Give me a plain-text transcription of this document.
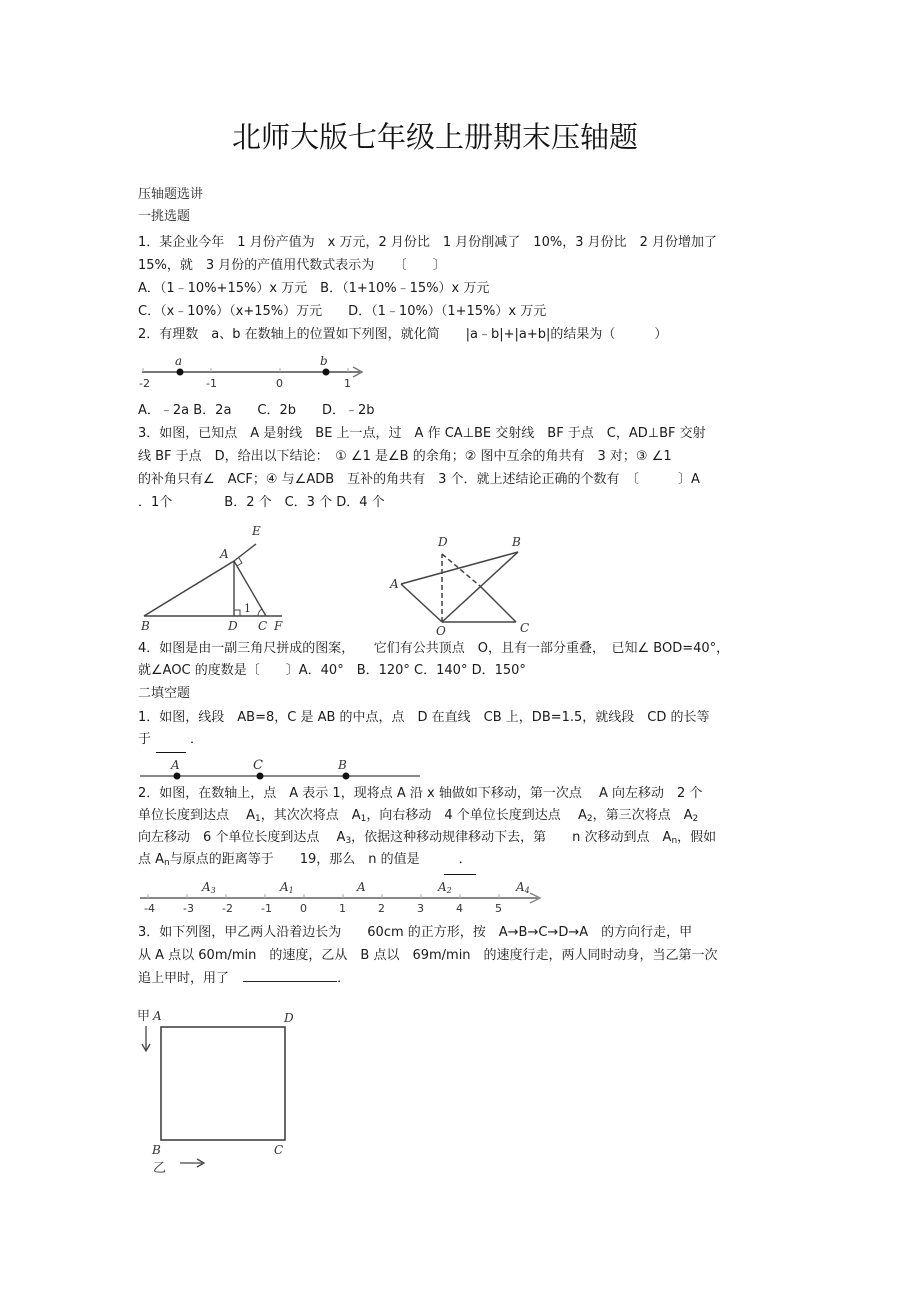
北师大版七年级上册期末压轴题
压轴题选讲
一挑选题
1．某企业今年　1 月份产值为　x 万元，2 月份比　1 月份削减了　10%，3 月份比　2 月份增加了
15%，就　3 月份的产值用代数式表示为　　〔　　〕
A．（1﹣10%+15%）x 万元　B．（1+10%﹣15%）x 万元
C．（x﹣10%）（x+15%）万元　　D．（1﹣10%）（1+15%）x 万元
2．有理数　a、b 在数轴上的位置如下列图，就化简　　|a﹣b|+|a+b|的结果为（　　　）
-2	-1	0	1
a	b
A．﹣2a B．2a　　C．2b　　D．﹣2b
3．如图，已知点　A 是射线　BE 上一点，过　A 作 CA⊥BE 交射线　BF 于点　C，AD⊥BF 交射
线 BF 于点　D，给出以下结论：　① ∠1 是∠B 的余角；② 图中互余的角共有　3 对；③ ∠1
的补角只有∠　ACF；④ 与∠ADB　互补的角共有　3 个．就上述结论正确的个数有　〔　　　〕A
．1个　　　　B．2 个　C．3 个 D．4 个
E
A
B	D C F
1
D	B
A
O	C
4．如图是由一副三角尺拼成的图案，　　它们有公共顶点　O，且有一部分重叠，　已知∠ BOD=40°，
就∠AOC 的度数是〔　　〕A．40°　B．120° C．140° D．150°
二填空题
1．如图，线段　AB=8，C 是 AB 的中点，点　D 在直线　CB 上，DB=1.5，就线段　CD 的长等
于　　　．
A	C	B
2．如图，在数轴上，点　A 表示 1，现将点 A 沿 x 轴做如下移动，第一次点　 A 向左移动　2 个
单位长度到达点　 $A_1$，其次次将点　$A_1$，向右移动　4 个单位长度到达点　 $A_2$，第三次将点　$A_2$
向左移动　6 个单位长度到达点　 $A_3$，依据这种移动规律移动下去，第　　n 次移动到点　$A_n$，假如
点 $A_n$与原点的距离等于　　19，那么　n 的值是　　　．
-4	-3	-2	-1	0	1	2	3	4	5
A3	A1	A	A2	A4
3．如下列图，甲乙两人沿着边长为　　60cm 的正方形，按　A→B→C→D→A　的方向行走，甲
从 A 点以 60m/min　的速度，乙从　B 点以　69m/min　的速度行走，两人同时动身，当乙第一次
追上甲时，用了	．
甲 A	D
B	C
乙
